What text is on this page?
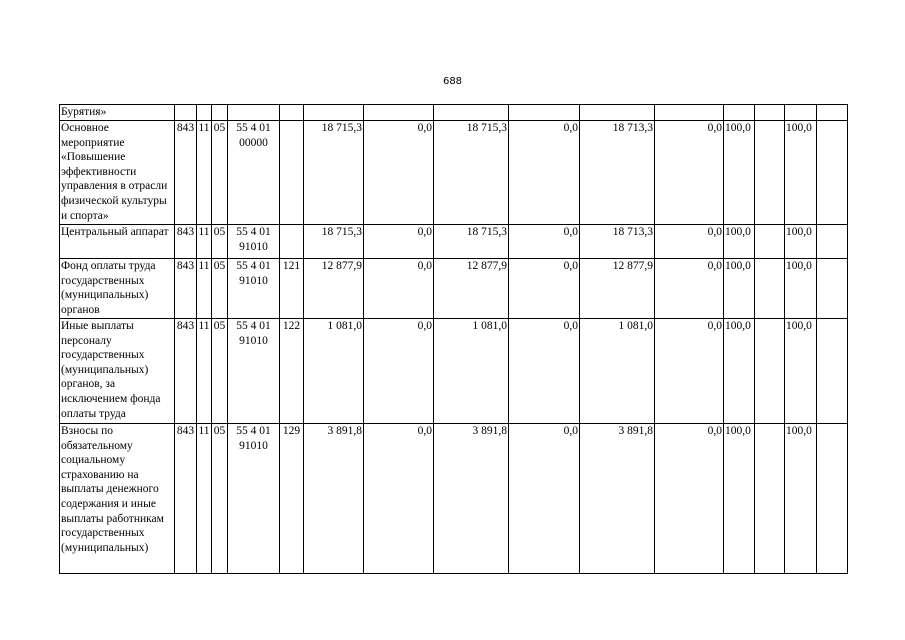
688
Бурятия»															
Основное мероприятие «Повышение эффективности управления в отрасли физической культуры и спорта»	843	11	05	55 4 01 00000		18 715,3	0,0	18 715,3	0,0	18 713,3	0,0	100,0		100,0	
Центральный аппарат	843	11	05	55 4 01 91010		18 715,3	0,0	18 715,3	0,0	18 713,3	0,0	100,0		100,0	
Фонд оплаты труда государственных (муниципальных) органов	843	11	05	55 4 01 91010	121	12 877,9	0,0	12 877,9	0,0	12 877,9	0,0	100,0		100,0	
Иные выплаты персоналу государственных (муниципальных) органов, за исключением фонда оплаты труда	843	11	05	55 4 01 91010	122	1 081,0	0,0	1 081,0	0,0	1 081,0	0,0	100,0		100,0	
Взносы по обязательному социальному страхованию на выплаты денежного содержания и иные выплаты работникам государственных (муниципальных)	843	11	05	55 4 01 91010	129	3 891,8	0,0	3 891,8	0,0	3 891,8	0,0	100,0		100,0	
